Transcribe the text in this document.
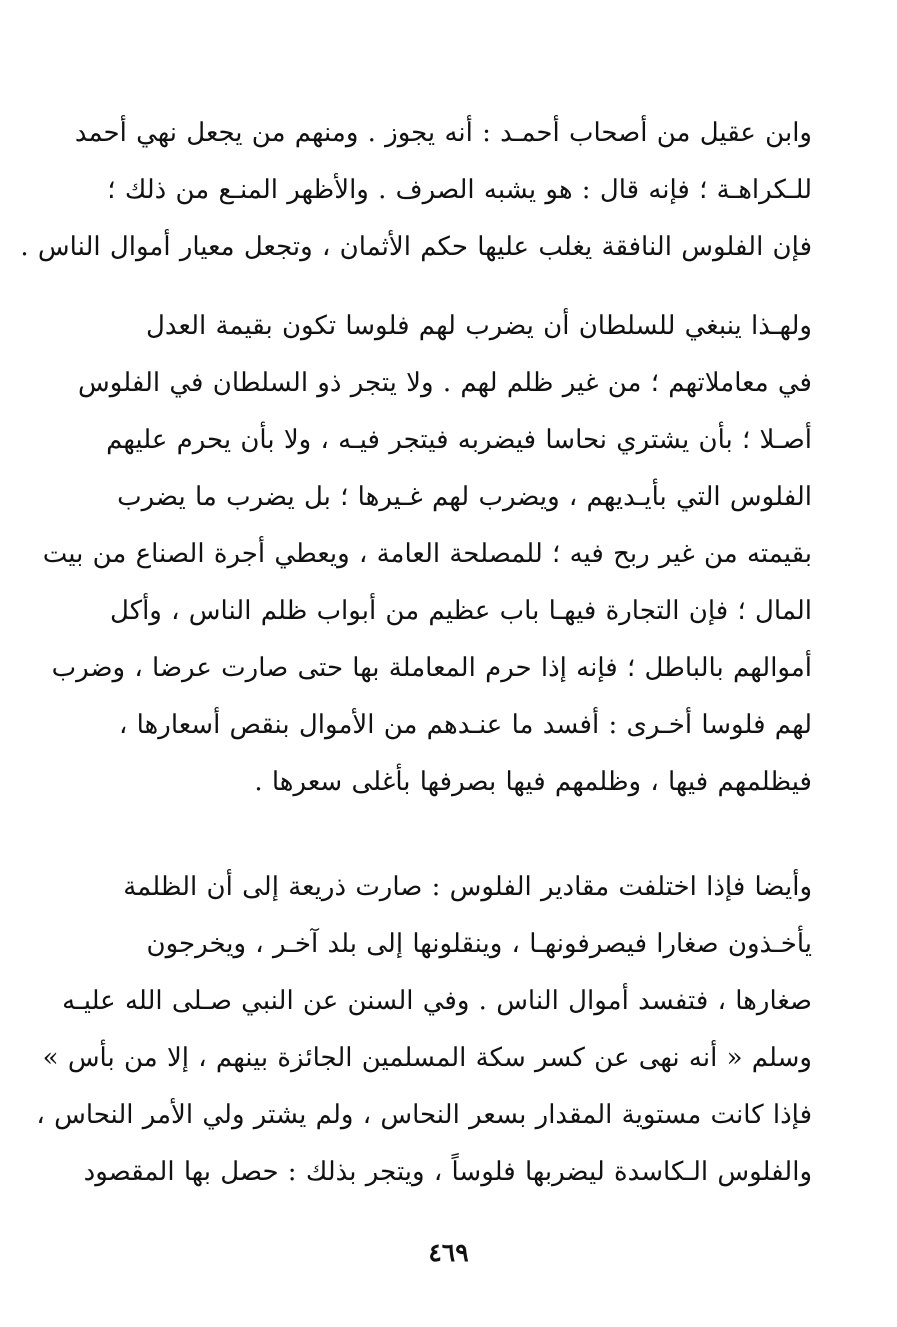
وابن عقيل من أصحاب أحمـد : أنه يجوز . ومنهم من يجعل نهي أحمد
للـكراهـة ؛ فإنه قال : هو يشبه الصرف . والأظهر المنـع من ذلك ؛
فإن الفلوس النافقة يغلب عليها حكم الأثمان ، وتجعل معيار أموال الناس .
ولهـذا ينبغي للسلطان أن يضرب لهم فلوسا تكون بقيمة العدل
في معاملاتهم ؛ من غير ظلم لهم . ولا يتجر ذو السلطان في الفلوس
أصـلا ؛ بأن يشتري نحاسا فيضربه فيتجر فيـه ، ولا بأن يحرم عليهم
الفلوس التي بأيـديهم ، ويضرب لهم غـيرها ؛ بل يضرب ما يضرب
بقيمته من غير ربح فيه ؛ للمصلحة العامة ، ويعطي أجرة الصناع من بيت
المال ؛ فإن التجارة فيهـا باب عظيم من أبواب ظلم الناس ، وأكل
أموالهم بالباطل ؛ فإنه إذا حرم المعاملة بها حتى صارت عرضا ، وضرب
لهم فلوسا أخـرى : أفسد ما عنـدهم من الأموال بنقص أسعارها ،
فيظلمهم فيها ، وظلمهم فيها بصرفها بأغلى سعرها .
وأيضا فإذا اختلفت مقادير الفلوس : صارت ذريعة إلى أن الظلمة
يأخـذون صغارا فيصرفونهـا ، وينقلونها إلى بلد آخـر ، ويخرجون
صغارها ، فتفسد أموال الناس . وفي السنن عن النبي صـلى الله عليـه
وسلم « أنه نهى عن كسر سكة المسلمين الجائزة بينهم ، إلا من بأس »
فإذا كانت مستوية المقدار بسعر النحاس ، ولم يشتر ولي الأمر النحاس ،
والفلوس الـكاسدة ليضربها فلوساً ، ويتجر بذلك : حصل بها المقصود
٤٦٩
